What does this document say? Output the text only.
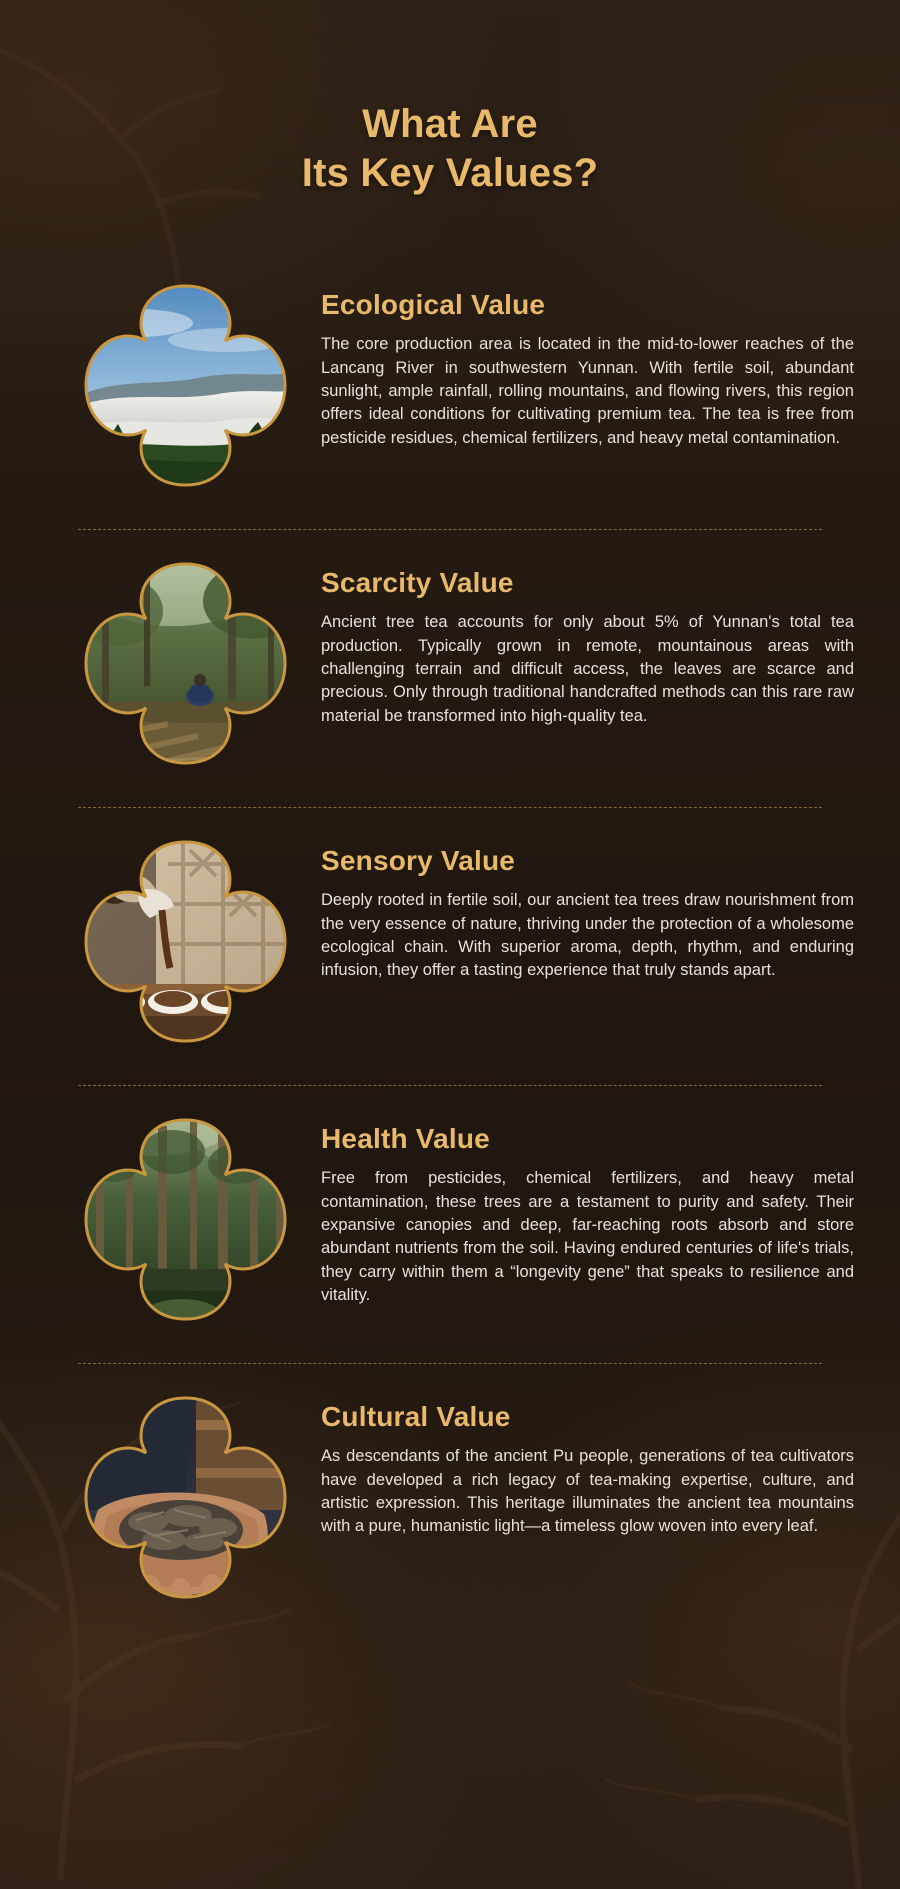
What Are
Its Key Values?
Ecological Value
The core production area is located in the mid-to-lower reaches of the Lancang River in southwestern Yunnan. With fertile soil, abundant sunlight, ample rainfall, rolling mountains, and flowing rivers, this region offers ideal conditions for cultivating premium tea. The tea is free from pesticide residues, chemical fertilizers, and heavy metal contamination.
Scarcity Value
Ancient tree tea accounts for only about 5% of Yunnan's total tea production. Typically grown in remote, mountainous areas with challenging terrain and difficult access, the leaves are scarce and precious. Only through traditional handcrafted methods can this rare raw material be transformed into high-quality tea.
Sensory Value
Deeply rooted in fertile soil, our ancient tea trees draw nourishment from the very essence of nature, thriving under the protection of a wholesome ecological chain. With superior aroma, depth, rhythm, and enduring infusion, they offer a tasting experience that truly stands apart.
Health Value
Free from pesticides, chemical fertilizers, and heavy metal contamination, these trees are a testament to purity and safety. Their expansive canopies and deep, far-reaching roots absorb and store abundant nutrients from the soil. Having endured centuries of life's trials, they carry within them a “longevity gene” that speaks to resilience and vitality.
Cultural Value
As descendants of the ancient Pu people, generations of tea cultivators have developed a rich legacy of tea-making expertise, culture, and artistic expression. This heritage illuminates the ancient tea mountains with a pure, humanistic light—a timeless glow woven into every leaf.
